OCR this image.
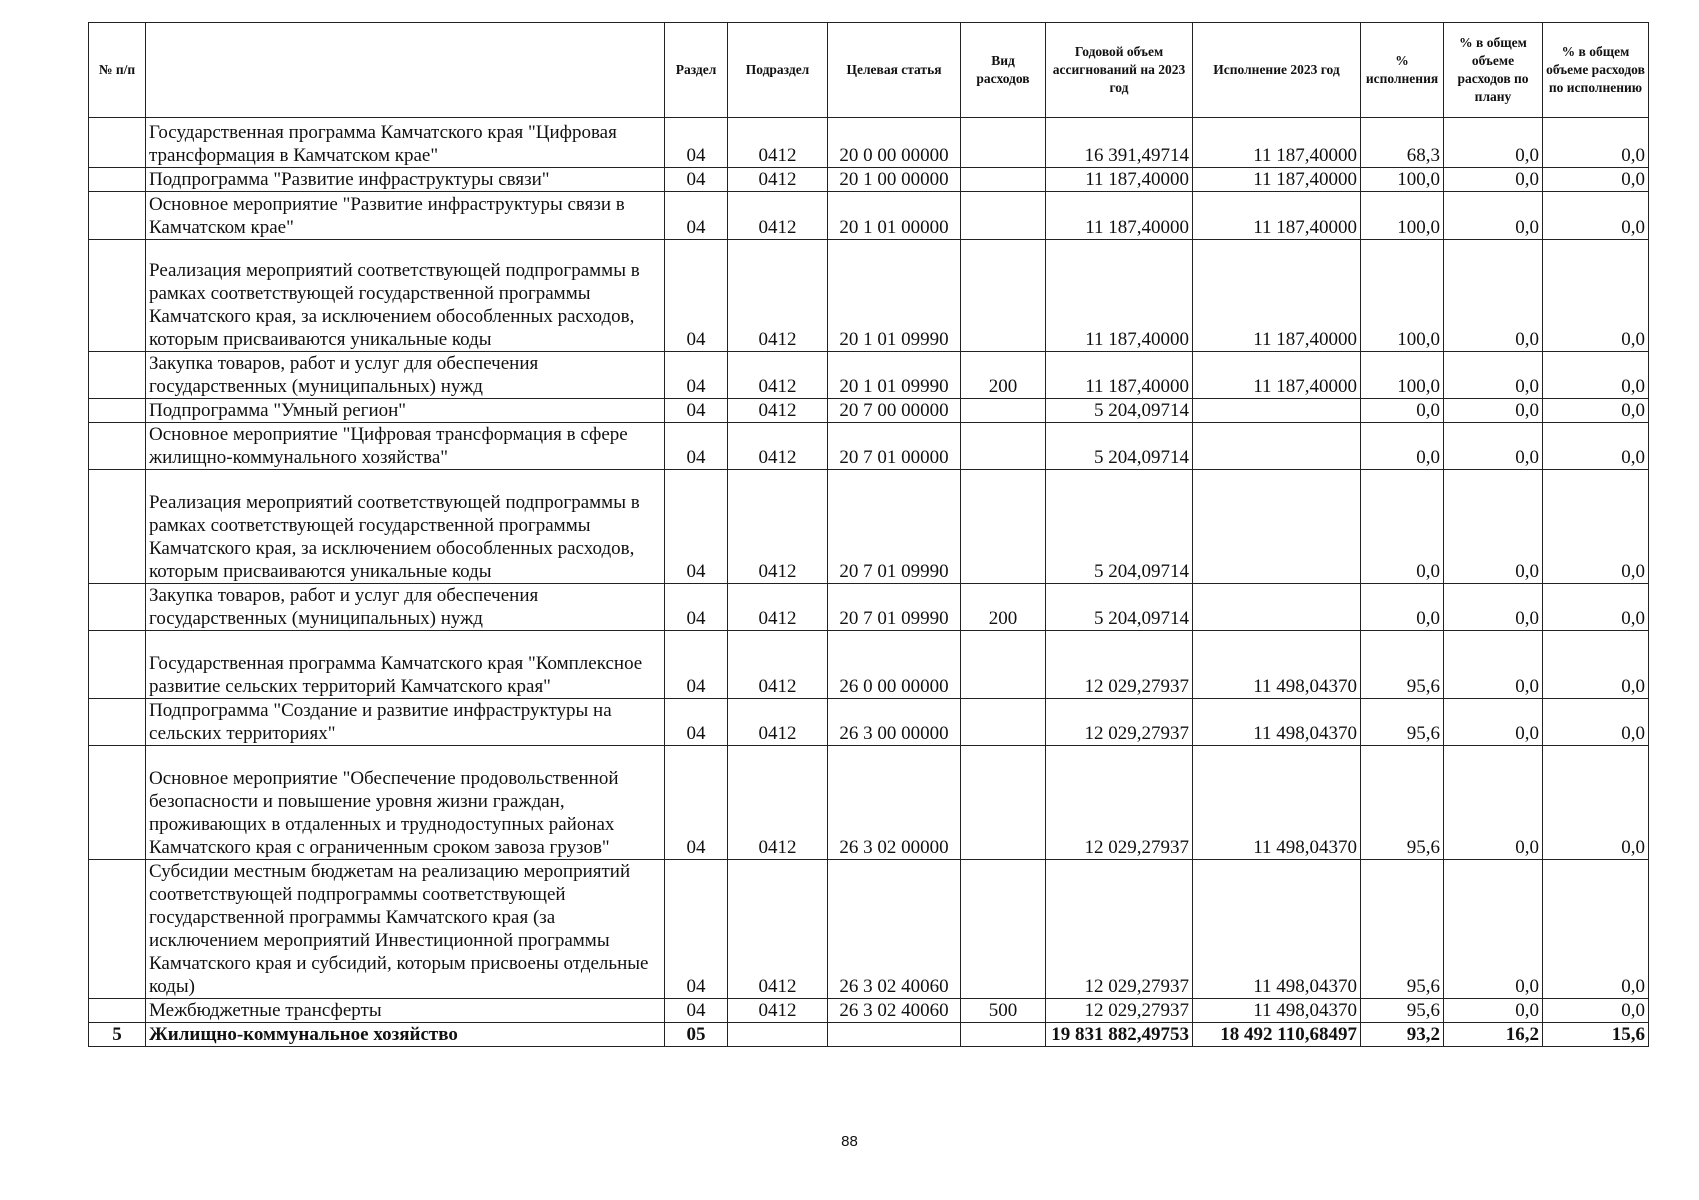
№ п/п		Раздел	Подраздел	Целевая статья	Вид расходов	Годовой объем ассигнований на 2023 год	Исполнение 2023 год	% исполнения	% в общем объеме расходов по плану	% в общем объеме расходов по исполнению
	Государственная программа Камчатского края "Цифровая трансформация в Камчатском крае"	04	0412	20 0 00 00000		16 391,49714	11 187,40000	68,3	0,0	0,0
	Подпрограмма "Развитие инфраструктуры связи"	04	0412	20 1 00 00000		11 187,40000	11 187,40000	100,0	0,0	0,0
	Основное мероприятие "Развитие инфраструктуры связи в Камчатском крае"	04	0412	20 1 01 00000		11 187,40000	11 187,40000	100,0	0,0	0,0
	Реализация мероприятий соответствующей подпрограммы в рамках соответствующей государственной программы Камчатского края, за исключением обособленных расходов, которым присваиваются уникальные коды	04	0412	20 1 01 09990		11 187,40000	11 187,40000	100,0	0,0	0,0
	Закупка товаров, работ и услуг для обеспечения государственных (муниципальных) нужд	04	0412	20 1 01 09990	200	11 187,40000	11 187,40000	100,0	0,0	0,0
	Подпрограмма "Умный регион"	04	0412	20 7 00 00000		5 204,09714		0,0	0,0	0,0
	Основное мероприятие "Цифровая трансформация в сфере жилищно-коммунального хозяйства"	04	0412	20 7 01 00000		5 204,09714		0,0	0,0	0,0
	Реализация мероприятий соответствующей подпрограммы в рамках соответствующей государственной программы Камчатского края, за исключением обособленных расходов, которым присваиваются уникальные коды	04	0412	20 7 01 09990		5 204,09714		0,0	0,0	0,0
	Закупка товаров, работ и услуг для обеспечения государственных (муниципальных) нужд	04	0412	20 7 01 09990	200	5 204,09714		0,0	0,0	0,0
	Государственная программа Камчатского края "Комплексное развитие сельских территорий Камчатского края"	04	0412	26 0 00 00000		12 029,27937	11 498,04370	95,6	0,0	0,0
	Подпрограмма "Создание и развитие инфраструктуры на сельских территориях"	04	0412	26 3 00 00000		12 029,27937	11 498,04370	95,6	0,0	0,0
	Основное мероприятие "Обеспечение продовольственной безопасности и повышение уровня жизни граждан, проживающих в отдаленных и труднодоступных районах Камчатского края с ограниченным сроком завоза грузов"	04	0412	26 3 02 00000		12 029,27937	11 498,04370	95,6	0,0	0,0
	Субсидии местным бюджетам на реализацию мероприятий соответствующей подпрограммы соответствующей государственной программы Камчатского края (за исключением мероприятий Инвестиционной программы Камчатского края и субсидий, которым присвоены отдельные коды)	04	0412	26 3 02 40060		12 029,27937	11 498,04370	95,6	0,0	0,0
	Межбюджетные трансферты	04	0412	26 3 02 40060	500	12 029,27937	11 498,04370	95,6	0,0	0,0
5	Жилищно-коммунальное хозяйство	05				19 831 882,49753	18 492 110,68497	93,2	16,2	15,6
88
